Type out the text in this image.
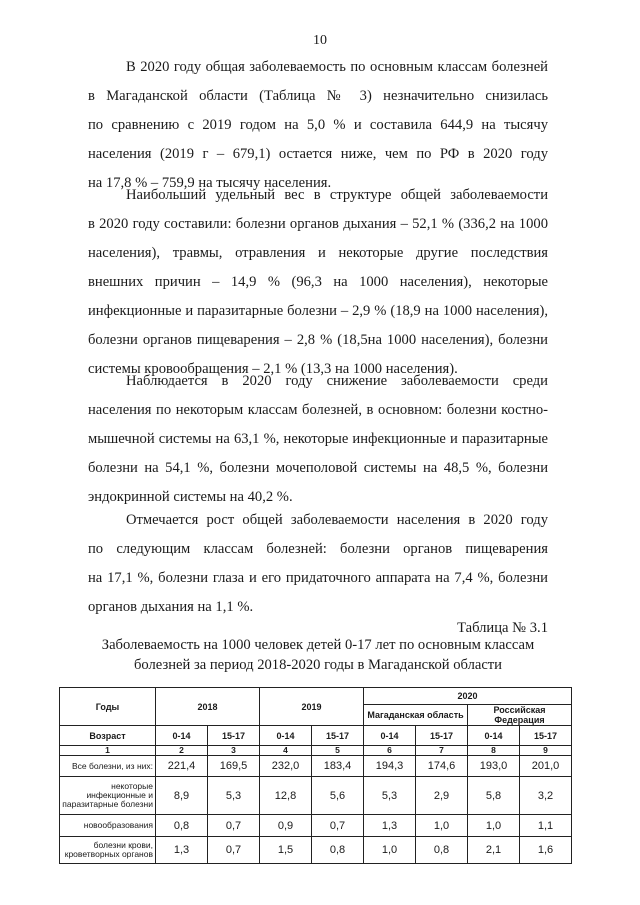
10
В 2020 году общая заболеваемость по основным классам болезней
в Магаданской области (Таблица № 3) незначительно снизилась
по сравнению с 2019 годом на 5,0 % и составила 644,9 на тысячу
населения (2019 г – 679,1) остается ниже, чем по РФ в 2020 году
на 17,8 % – 759,9 на тысячу населения.
Наибольший удельный вес в структуре общей заболеваемости
в 2020 году составили: болезни органов дыхания – 52,1 % (336,2 на 1000
населения), травмы, отравления и некоторые другие последствия
внешних причин – 14,9 % (96,3 на 1000 населения), некоторые
инфекционные и паразитарные болезни – 2,9 % (18,9 на 1000 населения),
болезни органов пищеварения – 2,8 % (18,5на 1000 населения), болезни
системы кровообращения – 2,1 % (13,3 на 1000 населения).
Наблюдается в 2020 году снижение заболеваемости среди
населения по некоторым классам болезней, в основном: болезни костно-
мышечной системы на 63,1 %, некоторые инфекционные и паразитарные
болезни на 54,1 %, болезни мочеполовой системы на 48,5 %, болезни
эндокринной системы на 40,2 %.
Отмечается рост общей заболеваемости населения в 2020 году
по следующим классам болезней: болезни органов пищеварения
на 17,1 %, болезни глаза и его придаточного аппарата на 7,4 %, болезни
органов дыхания на 1,1 %.
Таблица № 3.1
Заболеваемость на 1000 человек детей 0-17 лет по основным классам
болезней за период 2018-2020 годы в Магаданской области
Годы	2018		2019		2020			
					Магаданская область		Российская Федерация	
Возраст	0-14	15-17	0-14	15-17	0-14	15-17	0-14	15-17
1	2	3	4	5	6	7	8	9

Все болезни, из них:	221,4	169,5	232,0	183,4	194,3	174,6	193,0	201,0

некоторые
инфекционные и
паразитарные болезни	8,9	5,3	12,8	5,6	5,3	2,9	5,8	3,2

новообразования	0,8	0,7	0,9	0,7	1,3	1,0	1,0	1,1

болезни крови,
кроветворных органов	1,3	0,7	1,5	0,8	1,0	0,8	2,1	1,6
